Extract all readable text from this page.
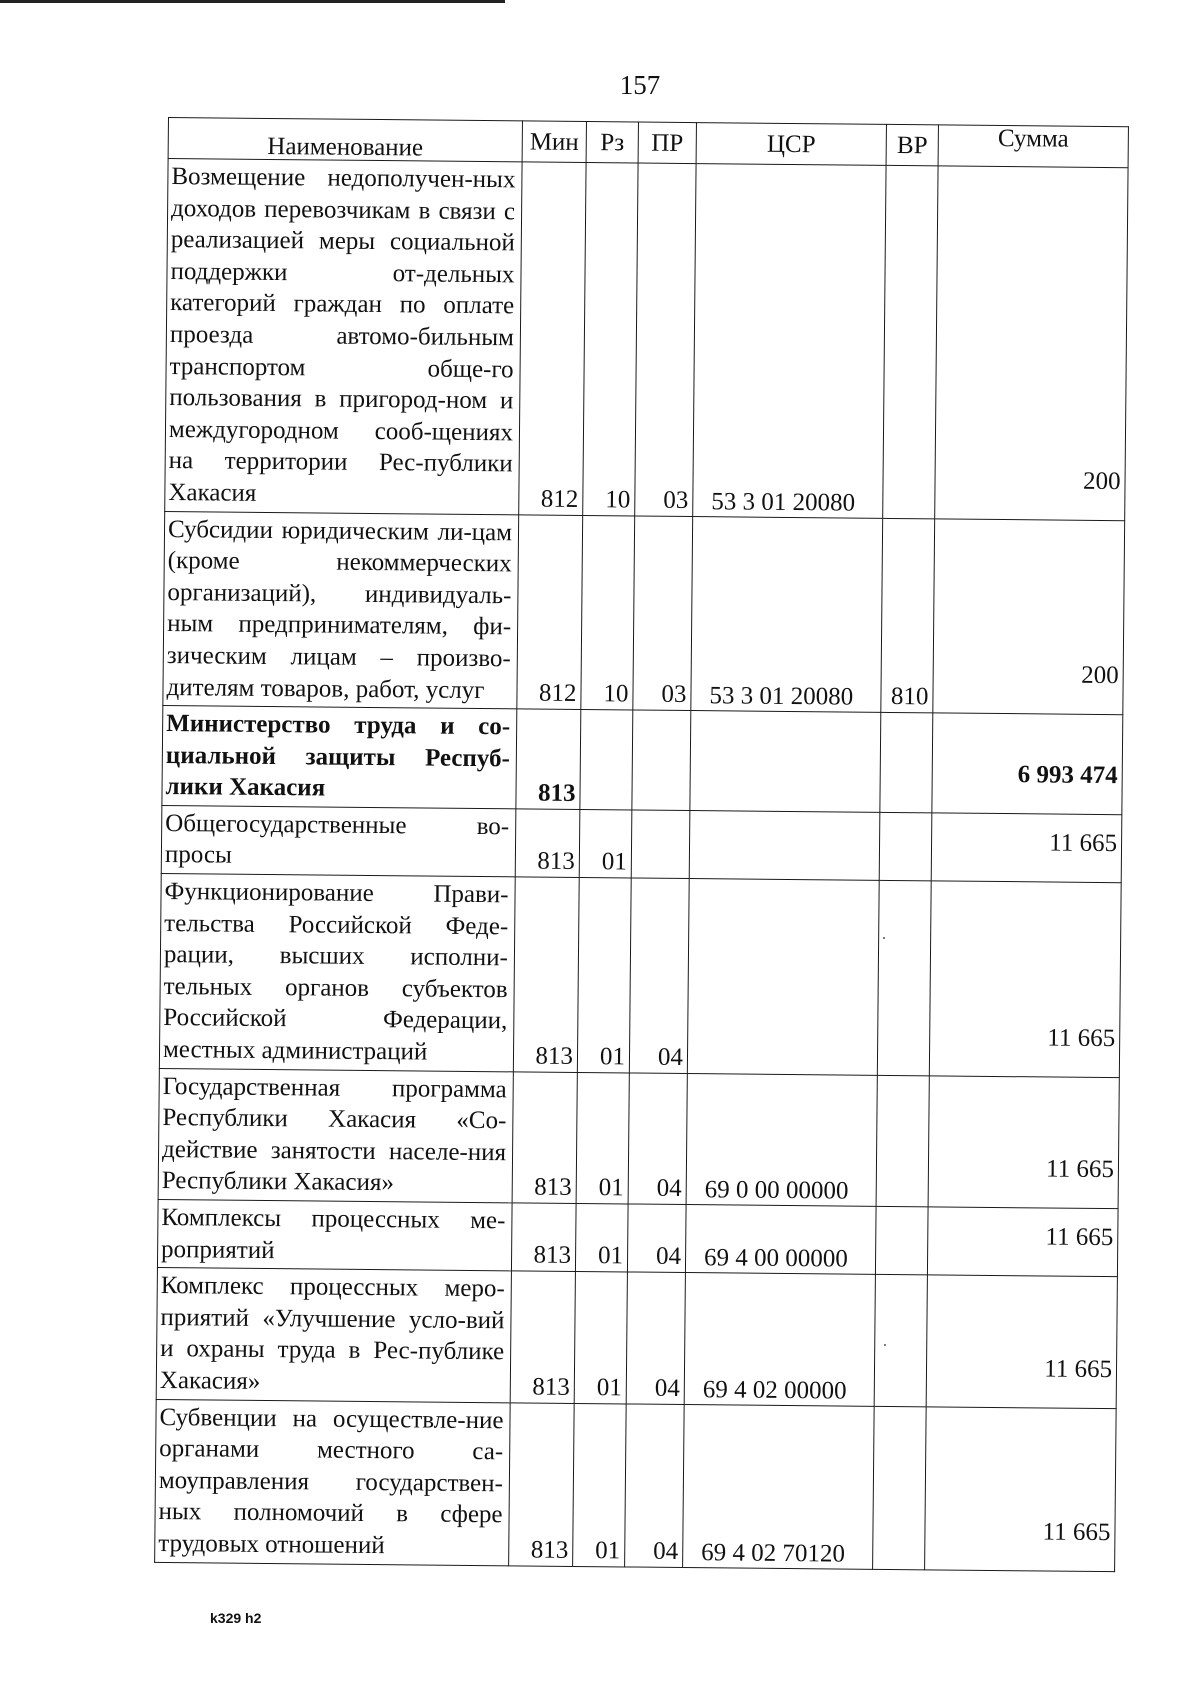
157
Наименование	Мин	Рз	ПР	ЦСР	ВР	Сумма
Возмещение недополучен-ных доходов перевозчикам в связи с реализацией меры социальной поддержки от-дельных категорий граждан по оплате проезда автомо-бильным транспортом обще-го пользования в пригород-ном и междугородном сооб-щениях на территории Рес-публики Хакасия	812	10	03	53 3 01 20080		200
Субсидии юридическим ли-цам (кроме некоммерческих организаций), индивидуаль-ным предпринимателям, фи-зическим лицам – произво-дителям товаров, работ, услуг	812	10	03	53 3 01 20080	810	200
Министерство труда и со-циальной защиты Респуб-лики Хакасия	813					6 993 474
Общегосударственные во-просы	813	01				11 665
Функционирование Прави-тельства Российской Феде-рации, высших исполни-тельных органов субъектов Российской Федерации, местных администраций	813	01	04			11 665
Государственная программа Республики Хакасия «Со-действие занятости населе-ния Республики Хакасия»	813	01	04	69 0 00 00000		11 665
Комплексы процессных ме-роприятий	813	01	04	69 4 00 00000		11 665
Комплекс процессных меро-приятий «Улучшение усло-вий и охраны труда в Рес-публике Хакасия»	813	01	04	69 4 02 00000		11 665
Субвенции на осуществле-ние органами местного са-моуправления государствен-ных полномочий в сфере трудовых отношений	813	01	04	69 4 02 70120		11 665
k329 h2
